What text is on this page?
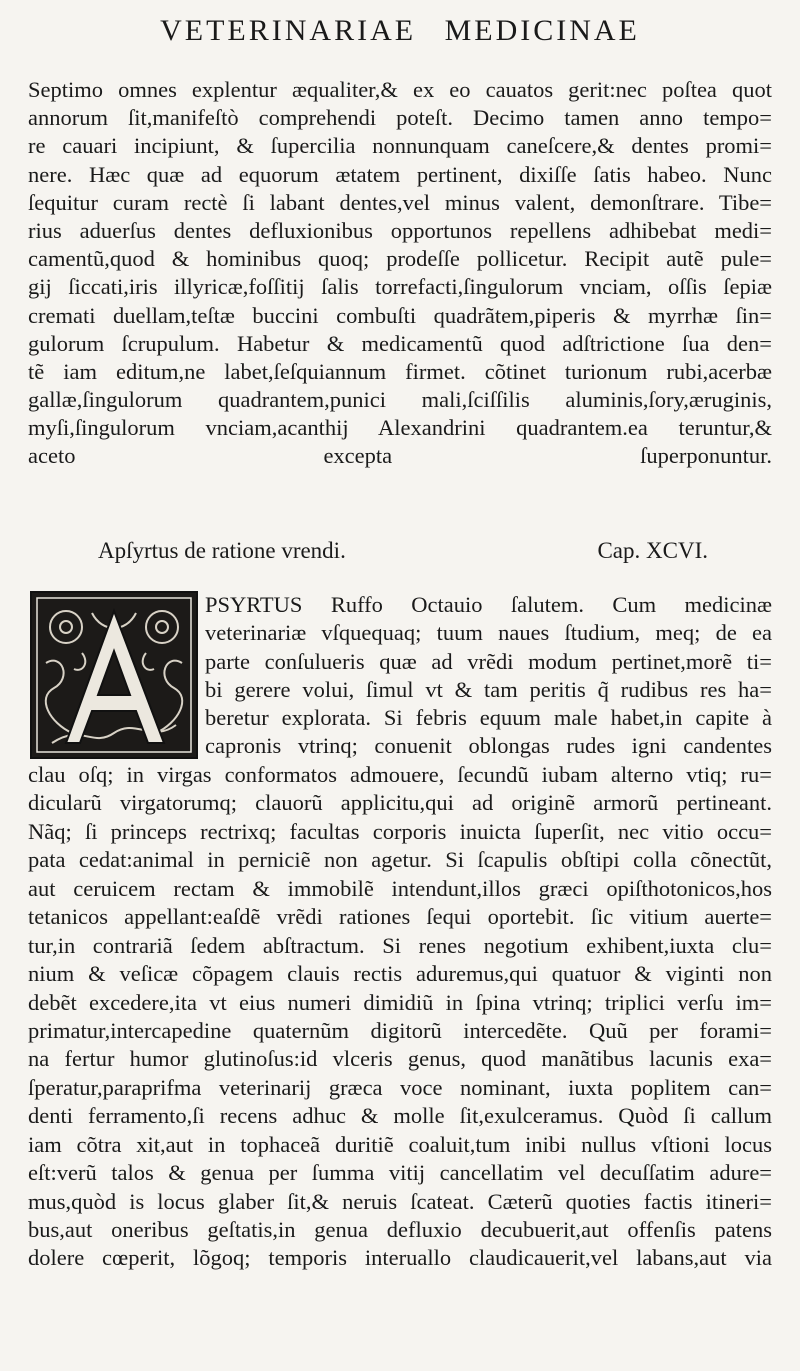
VETERINARIAE MEDICINAE
Septimo omnes explentur æqualiter,& ex eo cauatos gerit:nec poſtea quot
annorum ſit,manifeſtò comprehendi poteſt. Decimo tamen anno tempo=
re cauari incipiunt, & ſupercilia nonnunquam caneſcere,& dentes promi=
nere. Hæc quæ ad equorum ætatem pertinent, dixiſſe ſatis habeo. Nunc
ſequitur curam rectè ſi labant dentes,vel minus valent, demonſtrare. Tibe=
rius aduerſus dentes defluxionibus opportunos repellens adhibebat medi=
camentũ,quod & hominibus quoq; prodeſſe pollicetur. Recipit autẽ pule=
gij ſiccati,iris illyricæ,foſſitij ſalis torrefacti,ſingulorum vnciam, oſſis ſepiæ
cremati duellam,teſtæ buccini combuſti quadrãtem,piperis & myrrhæ ſin=
gulorum ſcrupulum. Habetur & medicamentũ quod adſtrictione ſua den=
tẽ iam editum,ne labet,ſeſquiannum firmet. cõtinet turionum rubi,acerbæ
gallæ,ſingulorum quadrantem,punici mali,ſciſſilis aluminis,ſory,æruginis,
myſi,ſingulorum vnciam,acanthij Alexandrini quadrantem.ea teruntur,&
aceto excepta ſuperponuntur.
Apſyrtus de ratione vrendi.	Cap. XCVI.
PSYRTUS Ruffo Octauio ſalutem. Cum medicinæ
veterinariæ vſquequaq; tuum naues ſtudium, meq; de ea
parte conſulueris quæ ad vrẽdi modum pertinet,morẽ ti=
bi gerere volui, ſimul vt & tam peritis q̃ rudibus res ha=
beretur explorata. Si febris equum male habet,in capite à
capronis vtrinq; conuenit oblongas rudes igni candentes
clau oſq; in virgas conformatos admouere, ſecundũ iubam alterno vtiq; ru=
dicularũ virgatorumq; clauorũ applicitu,qui ad originẽ armorũ pertineant.
Nãq; ſi princeps rectrixq; facultas corporis inuicta ſuperſit, nec vitio occu=
pata cedat:animal in perniciẽ non agetur. Si ſcapulis obſtipi colla cõnectũt,
aut ceruicem rectam & immobilẽ intendunt,illos græci opiſthotonicos,hos
tetanicos appellant:eaſdẽ vrẽdi rationes ſequi oportebit. ſic vitium auerte=
tur,in contrariã ſedem abſtractum. Si renes negotium exhibent,iuxta clu=
nium & veſicæ cõpagem clauis rectis aduremus,qui quatuor & viginti non
debẽt excedere,ita vt eius numeri dimidiũ in ſpina vtrinq; triplici verſu im=
primatur,intercapedine quaternũm digitorũ intercedẽte. Quũ per forami=
na fertur humor glutinoſus:id vlceris genus, quod manãtibus lacunis exa=
ſperatur,paraprifma veterinarij græca voce nominant, iuxta poplitem can=
denti ferramento,ſi recens adhuc & molle ſit,exulceramus. Quòd ſi callum
iam cõtra xit,aut in tophaceã duritiẽ coaluit,tum inibi nullus vſtioni locus
eſt:verũ talos & genua per ſumma vitij cancellatim vel decuſſatim adure=
mus,quòd is locus glaber ſit,& neruis ſcateat. Cæterũ quoties factis itineri=
bus,aut oneribus geſtatis,in genua defluxio decubuerit,aut offenſis patens
dolere cœperit, lõgoq; temporis interuallo claudicauerit,vel labans,aut via
